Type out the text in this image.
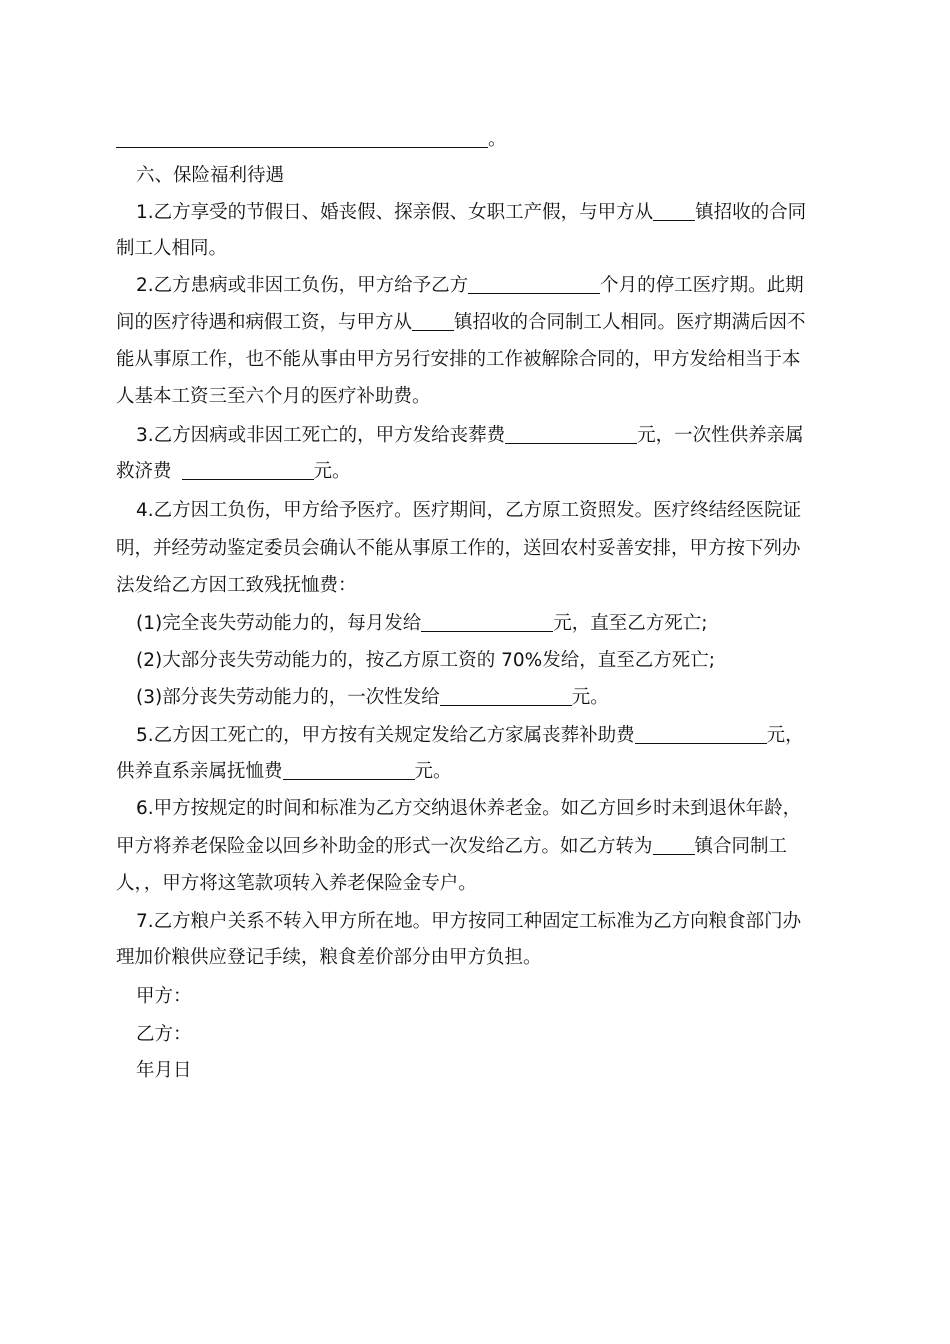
。
六、保险福利待遇
1.乙方享受的节假日、婚丧假、探亲假、女职工产假，与甲方从 镇招收的合同
制工人相同。
2.乙方患病或非因工负伤，甲方给予乙方	个月的停工医疗期。此期
间的医疗待遇和病假工资，与甲方从 镇招收的合同制工人相同。医疗期满后因不
能从事原工作，也不能从事由甲方另行安排的工作被解除合同的，甲方发给相当于本
人基本工资三至六个月的医疗补助费。
3.乙方因病或非因工死亡的，甲方发给丧葬费	元，一次性供养亲属
救济费	元。
4.乙方因工负伤，甲方给予医疗。医疗期间，乙方原工资照发。医疗终结经医院证
明，并经劳动鉴定委员会确认不能从事原工作的，送回农村妥善安排，甲方按下列办
法发给乙方因工致残抚恤费：
(1)完全丧失劳动能力的，每月发给	元，直至乙方死亡;
(2)大部分丧失劳动能力的，按乙方原工资的 70%发给，直至乙方死亡;
(3)部分丧失劳动能力的，一次性发给	元。
5.乙方因工死亡的，甲方按有关规定发给乙方家属丧葬补助费	元，
供养直系亲属抚恤费	元。
6.甲方按规定的时间和标准为乙方交纳退休养老金。如乙方回乡时未到退休年龄，
甲方将养老保险金以回乡补助金的形式一次发给乙方。如乙方转为 镇合同制工
人，，甲方将这笔款项转入养老保险金专户。
7.乙方粮户关系不转入甲方所在地。甲方按同工种固定工标准为乙方向粮食部门办
理加价粮供应登记手续，粮食差价部分由甲方负担。
甲方：
乙方：
年月日
